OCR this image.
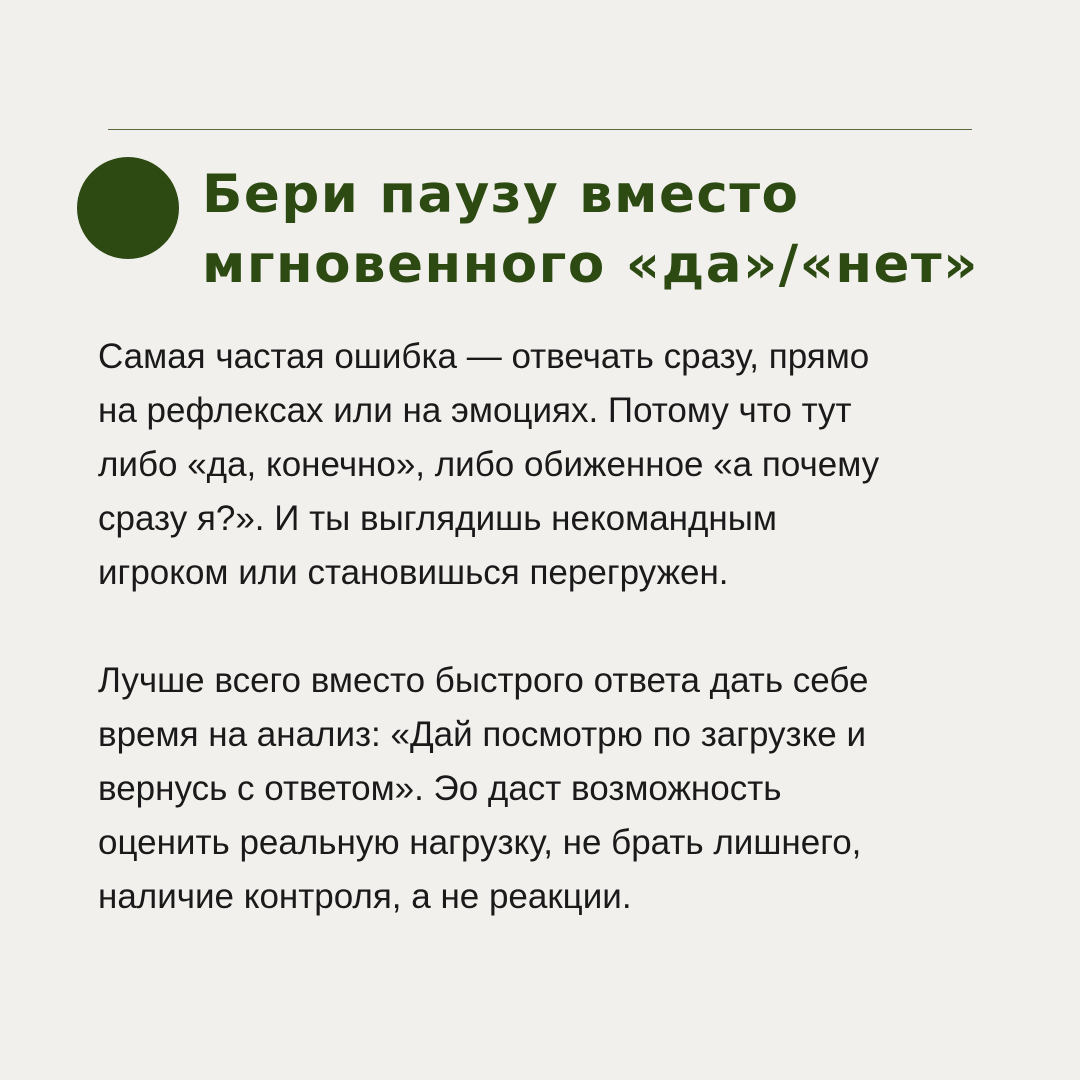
Бери паузу вместо
мгновенного «да»/«нет»

Самая частая ошибка — отвечать сразу, прямо
на рефлексах или на эмоциях. Потому что тут
либо «да, конечно», либо обиженное «а почему
сразу я?». И ты выглядишь некомандным
игроком или становишься перегружен.

Лучше всего вместо быстрого ответа дать себе
время на анализ: «Дай посмотрю по загрузке и
вернусь с ответом». Эо даст возможность
оценить реальную нагрузку, не брать лишнего,
наличие контроля, а не реакции.
